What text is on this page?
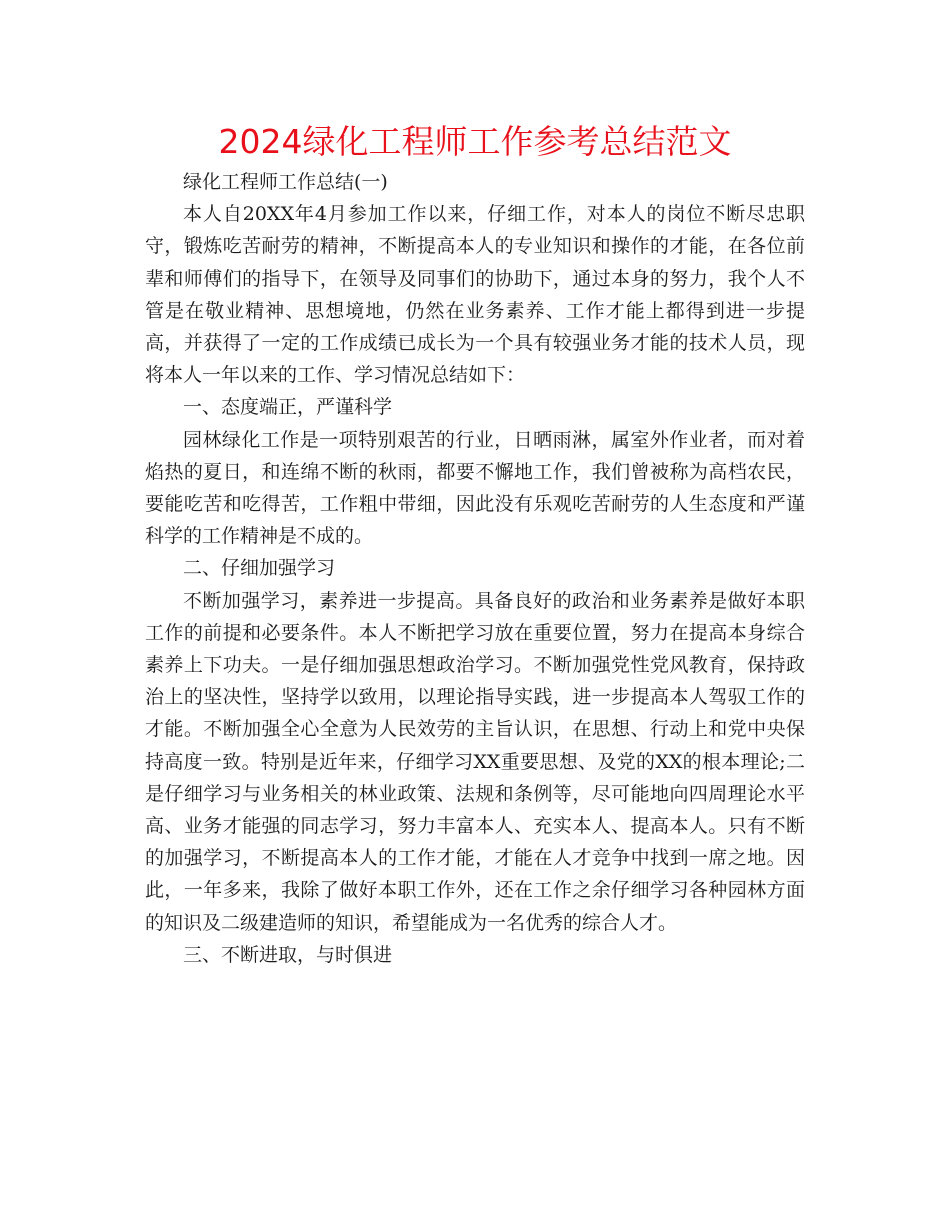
2024绿化工程师工作参考总结范文

绿化工程师工作总结(一)

本人自20XX年4月参加工作以来，仔细工作，对本人的岗位不断尽忠职守，锻炼吃苦耐劳的精神，不断提高本人的专业知识和操作的才能，在各位前辈和师傅们的指导下，在领导及同事们的协助下，通过本身的努力，我个人不管是在敬业精神、思想境地，仍然在业务素养、工作才能上都得到进一步提高，并获得了一定的工作成绩已成长为一个具有较强业务才能的技术人员，现将本人一年以来的工作、学习情况总结如下：

一、态度端正，严谨科学

园林绿化工作是一项特别艰苦的行业，日晒雨淋，属室外作业者，而对着焰热的夏日，和连绵不断的秋雨，都要不懈地工作，我们曾被称为高档农民，要能吃苦和吃得苦，工作粗中带细，因此没有乐观吃苦耐劳的人生态度和严谨科学的工作精神是不成的。

二、仔细加强学习

不断加强学习，素养进一步提高。具备良好的政治和业务素养是做好本职工作的前提和必要条件。本人不断把学习放在重要位置，努力在提高本身综合素养上下功夫。一是仔细加强思想政治学习。不断加强党性党风教育，保持政治上的坚决性，坚持学以致用，以理论指导实践，进一步提高本人驾驭工作的才能。不断加强全心全意为人民效劳的主旨认识，在思想、行动上和党中央保持高度一致。特别是近年来，仔细学习XX重要思想、及党的XX的根本理论;二是仔细学习与业务相关的林业政策、法规和条例等，尽可能地向四周理论水平高、业务才能强的同志学习，努力丰富本人、充实本人、提高本人。只有不断的加强学习，不断提高本人的工作才能，才能在人才竞争中找到一席之地。因此，一年多来，我除了做好本职工作外，还在工作之余仔细学习各种园林方面的知识及二级建造师的知识，希望能成为一名优秀的综合人才。

三、不断进取，与时俱进
